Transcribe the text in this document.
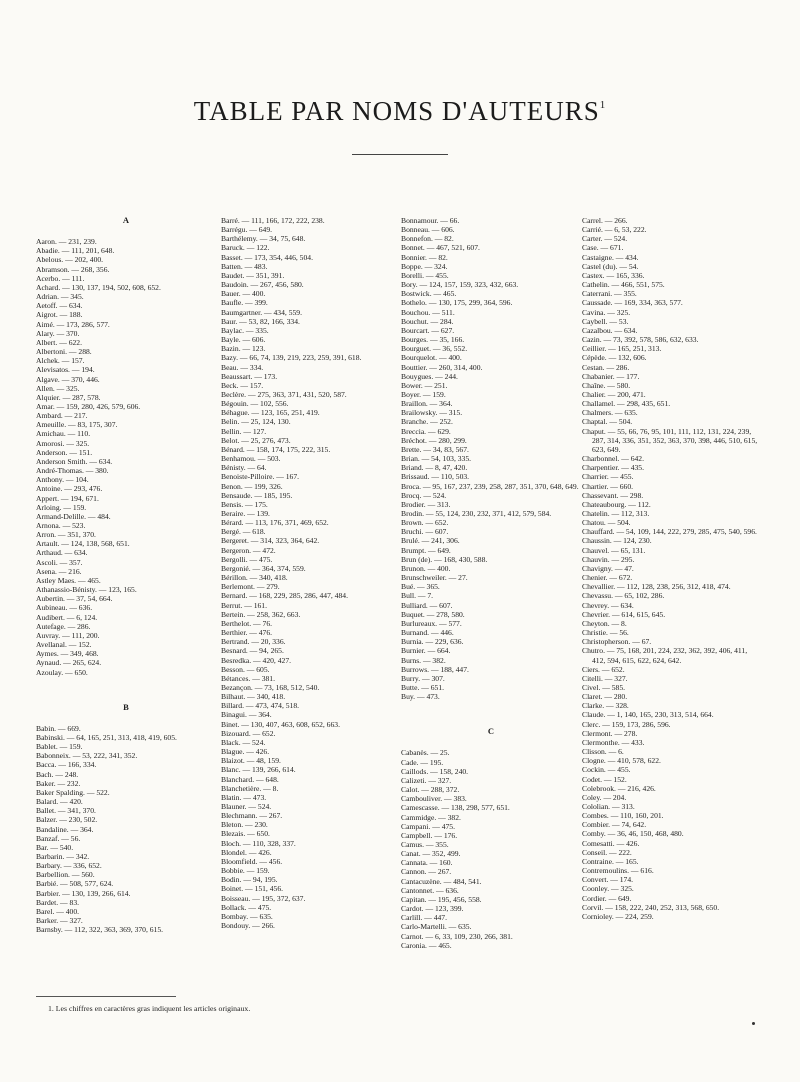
TABLE PAR NOMS D'AUTEURS$^1$
A

Aaron. — 231, 239.

Abadie. — 111, 201, 648.

Abelous. — 202, 400.

Abramson. — 268, 356.

Acerbo. — 111.

Achard. — 130, 137, 194, 502, 608, 652.

Adrian. — 345.

Aetoff. — 634.

Aigrot. — 188.

Aimé. — 173, 286, 577.

Alary. — 370.

Albert. — 622.

Albertoni. — 288.

Alchek. — 157.

Alevisatos. — 194.

Algave. — 370, 446.

Allen. — 325.

Alquier. — 287, 578.

Amar. — 159, 280, 426, 579, 606.

Ambard. — 217.

Ameuille. — 83, 175, 307.

Amichau. — 110.

Amorosi. — 325.

Anderson. — 151.

Anderson Smith. — 634.

André-Thomas. — 380.

Anthony. — 104.

Antoine. — 293, 476.

Appert. — 194, 671.

Arloing. — 159.

Armand-Delille. — 484.

Arnona. — 523.

Arron. — 351, 370.

Artault. — 124, 138, 568, 651.

Arthaud. — 634.

Ascoli. — 357.

Asena. — 216.

Astley Maes. — 465.

Athanassio-Bénisty. — 123, 165.

Aubertin. — 37, 54, 664.

Aubineau. — 636.

Audibert. — 6, 124.

Autefage. — 286.

Auvray. — 111, 200.

Avellanal. — 152.

Aymes. — 349, 468.

Aynaud. — 265, 624.

Azoulay. — 650.

B

Babin. — 669.

Babinski. — 64, 165, 251, 313, 418, 419, 605.

Bablet. — 159.

Babonneix. — 53, 222, 341, 352.

Bacca. — 166, 334.

Bach. — 248.

Baker. — 232.

Baker Spalding. — 522.

Balard. — 420.

Ballet. — 341, 370.

Balzer. — 230, 502.

Bandaline. — 364.

Banzaf. — 56.

Bar. — 540.

Barbarin. — 342.

Barbary. — 336, 652.

Barbellion. — 560.

Barbié. — 508, 577, 624.

Barbier. — 130, 139, 266, 614.

Bardet. — 83.

Barel. — 400.

Barker. — 327.

Barnsby. — 112, 322, 363, 369, 370, 615.

Barré. — 111, 166, 172, 222, 238.

Barrégu. — 649.

Barthélemy. — 34, 75, 648.

Baruck. — 122.

Basset. — 173, 354, 446, 504.

Batten. — 483.

Baudet. — 351, 391.

Baudoin. — 267, 456, 580.

Bauer. — 400.

Baufle. — 399.

Baumgartner. — 434, 559.

Baur. — 53, 82, 166, 334.

Baylac. — 335.

Bayle. — 606.

Bazin. — 123.

Bazy. — 66, 74, 139, 219, 223, 259, 391, 618.

Beau. — 334.

Beaussart. — 173.

Beck. — 157.

Beclère. — 275, 363, 371, 431, 520, 587.

Bégouin. — 102, 556.

Béhague. — 123, 165, 251, 419.

Belin. — 25, 124, 130.

Bellin. — 127.

Belot. — 25, 276, 473.

Bénard. — 158, 174, 175, 222, 315.

Benhamou. — 503.

Bénisty. — 64.

Benoiste-Pilloire. — 167.

Benon. — 199, 326.

Bensaude. — 185, 195.

Bensis. — 175.

Beraire. — 139.

Bérard. — 113, 176, 371, 469, 652.

Bergé. — 618.

Bergeret. — 314, 323, 364, 642.

Bergeron. — 472.

Bergolli. — 475.

Bergonié. — 364, 374, 559.

Bérillon. — 340, 418.

Berlemont. — 279.

Bernard. — 168, 229, 285, 286, 447, 484.

Berrut. — 161.

Bertein. — 258, 362, 663.

Berthelot. — 76.

Berthier. — 476.

Bertrand. — 20, 336.

Besnard. — 94, 265.

Besredka. — 420, 427.

Besson. — 605.

Bétances. — 381.

Bezançon. — 73, 168, 512, 540.

Bilhaut. — 340, 418.

Billard. — 473, 474, 518.

Binagui. — 364.

Binet. — 130, 407, 463, 608, 652, 663.

Bizouard. — 652.

Black. — 524.

Blague. — 426.

Blaizot. — 48, 159.

Blanc. — 139, 266, 614.

Blanchard. — 648.

Blanchetière. — 8.

Blatin. — 473.

Blauner. — 524.

Blechmann. — 267.

Bleton. — 230.

Blezais. — 650.

Bloch. — 110, 328, 337.

Blondel. — 426.

Bloomfield. — 456.

Bobbie. — 159.

Bodin. — 94, 195.

Boinet. — 151, 456.

Boisseau. — 195, 372, 637.

Bollack. — 475.

Bombay. — 635.

Bondouy. — 266.

Bonnamour. — 66.

Bonneau. — 606.

Bonnefon. — 82.

Bonnet. — 467, 521, 607.

Bonnier. — 82.

Boppe. — 324.

Borelli. — 455.

Bory. — 124, 157, 159, 323, 432, 663.

Bostwick. — 465.

Bothelo. — 130, 175, 299, 364, 596.

Bouchou. — 511.

Bouchut. — 284.

Bourcart. — 627.

Bourges. — 35, 166.

Bourguet. — 36, 552.

Bourquelot. — 400.

Bouttier. — 260, 314, 400.

Bouygues. — 244.

Bower. — 251.

Boyer. — 159.

Braillon. — 364.

Brailowsky. — 315.

Branche. — 252.

Breccia. — 629.

Bréchot. — 280, 299.

Brette. — 34, 83, 567.

Brian. — 54, 103, 335.

Briand. — 8, 47, 420.

Brissaud. — 110, 503.

Broca. — 95, 167, 237, 239, 258, 287, 351, 370, 648, 649.

Brocq. — 524.

Brodier. — 313.

Brodin. — 55, 124, 230, 232, 371, 412, 579, 584.

Brown. — 652.

Bruchi. — 607.

Brulé. — 241, 306.

Brumpt. — 649.

Brun (de). — 168, 430, 588.

Brunon. — 400.

Brunschweiler. — 27.

Bué. — 365.

Bull. — 7.

Bulliard. — 607.

Buquet. — 278, 580.

Burlureaux. — 577.

Burnand. — 446.

Burnia. — 229, 636.

Burnier. — 664.

Burns. — 382.

Burrows. — 188, 447.

Burry. — 307.

Butte. — 651.

Buy. — 473.

C

Cabanès. — 25.

Cade. — 195.

Caillods. — 158, 240.

Calizeti. — 327.

Calot. — 288, 372.

Cambouliver. — 383.

Camescasse. — 138, 298, 577, 651.

Cammidge. — 382.

Campani. — 475.

Campbell. — 176.

Camus. — 355.

Canat. — 352, 499.

Cannata. — 160.

Cannon. — 267.

Cantacuzène. — 484, 541.

Cantonnet. — 636.

Capitan. — 195, 456, 558.

Cardot. — 123, 399.

Carlill. — 447.

Carlo-Martelli. — 635.

Carnot. — 6, 33, 109, 230, 266, 381.

Caronia. — 465.

Carrel. — 266.

Carrié. — 6, 53, 222.

Carter. — 524.

Case. — 671.

Castaigne. — 434.

Castel (du). — 54.

Castex. — 165, 336.

Cathelin. — 466, 551, 575.

Caterrani. — 355.

Caussade. — 169, 334, 363, 577.

Cavina. — 325.

Caybell. — 53.

Cazalbou. — 634.

Cazin. — 73, 392, 578, 586, 632, 633.

Ceillier. — 165, 251, 313.

Cépède. — 132, 606.

Cestan. — 286.

Chabanier. — 177.

Chaîne. — 580.

Chalier. — 200, 471.

Challamel. — 298, 435, 651.

Chalmers. — 635.

Chaptal. — 504.

Chaput. — 55, 66, 76, 95, 101, 111, 112, 131, 224, 239, 287, 314, 336, 351, 352, 363, 370, 398, 446, 510, 615, 623, 649.

Charbonnel. — 642.

Charpentier. — 435.

Charrier. — 455.

Chartier. — 660.

Chassevant. — 298.

Chateaubourg. — 112.

Chatelin. — 112, 313.

Chatou. — 504.

Chauffard. — 54, 109, 144, 222, 279, 285, 475, 540, 596.

Chaussin. — 124, 230.

Chauvel. — 65, 131.

Chauvin. — 295.

Chavigny. — 47.

Chenier. — 672.

Chevallier. — 112, 128, 238, 256, 312, 418, 474.

Chevassu. — 65, 102, 286.

Chevrey. — 634.

Chevrier. — 614, 615, 645.

Cheyton. — 8.

Christie. — 56.

Christopherson. — 67.

Chutro. — 75, 168, 201, 224, 232, 362, 392, 406, 411, 412, 594, 615, 622, 624, 642.

Ciers. — 652.

Citelli. — 327.

Civel. — 585.

Claret. — 280.

Clarke. — 328.

Claude. — 1, 140, 165, 230, 313, 514, 664.

Clerc. — 159, 173, 286, 596.

Clermont. — 278.

Clermonthe. — 433.

Clisson. — 6.

Clogne. — 410, 578, 622.

Cockin. — 455.

Codet. — 152.

Colebrook. — 216, 426.

Coley. — 204.

Cololian. — 313.

Combes. — 110, 160, 201.

Combier. — 74, 642.

Comby. — 36, 46, 150, 468, 480.

Comesatti. — 426.

Conseil. — 222.

Contraine. — 165.

Contremoulins. — 616.

Convert. — 174.

Coonley. — 325.

Cordier. — 649.

Corvil. — 158, 222, 240, 252, 313, 568, 650.

Cornioley. — 224, 259.

1. Les chiffres en caractères gras indiquent les articles originaux.
